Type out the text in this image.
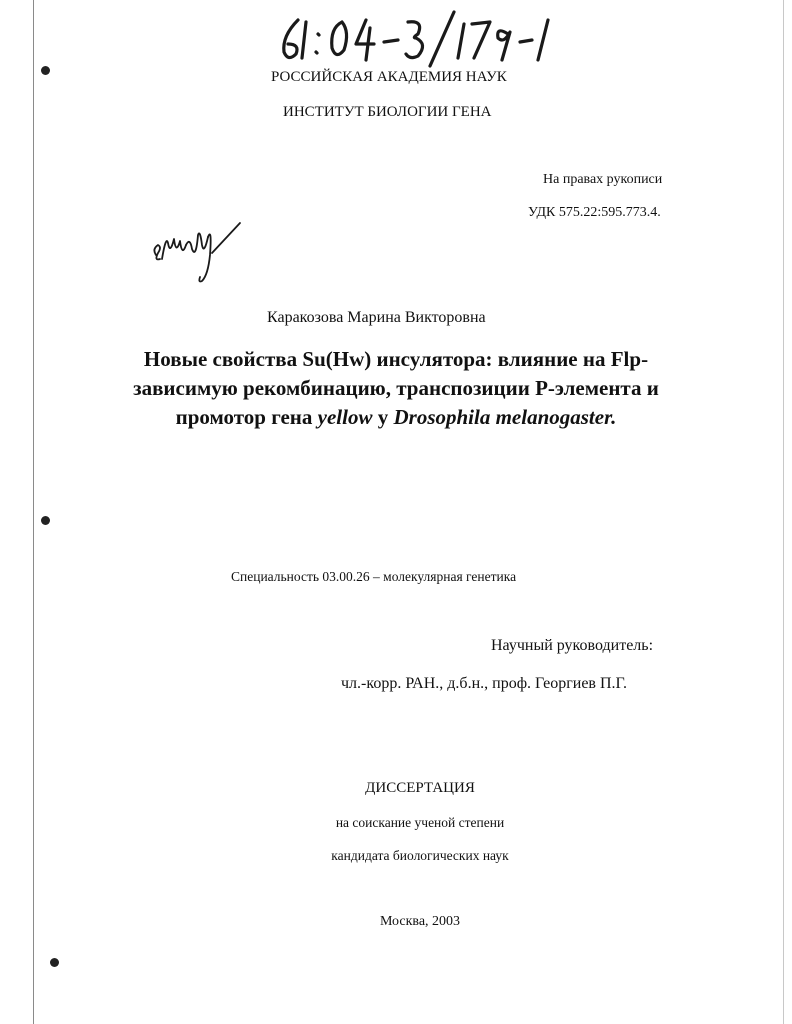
РОССИЙСКАЯ АКАДЕМИЯ НАУК
ИНСТИТУТ БИОЛОГИИ ГЕНА
На правах рукописи
УДК 575.22:595.773.4.
Каракозова Марина Викторовна
Новые свойства Su(Hw) инсулятора: влияние на Flp-зависимую рекомбинацию, транспозиции P-элемента и промотор гена yellow у Drosophila melanogaster.
Специальность 03.00.26 – молекулярная генетика
Научный руководитель:
чл.-корр. РАН., д.б.н., проф. Георгиев П.Г.
ДИССЕРТАЦИЯ
на соискание ученой степени
кандидата биологических наук
Москва, 2003
